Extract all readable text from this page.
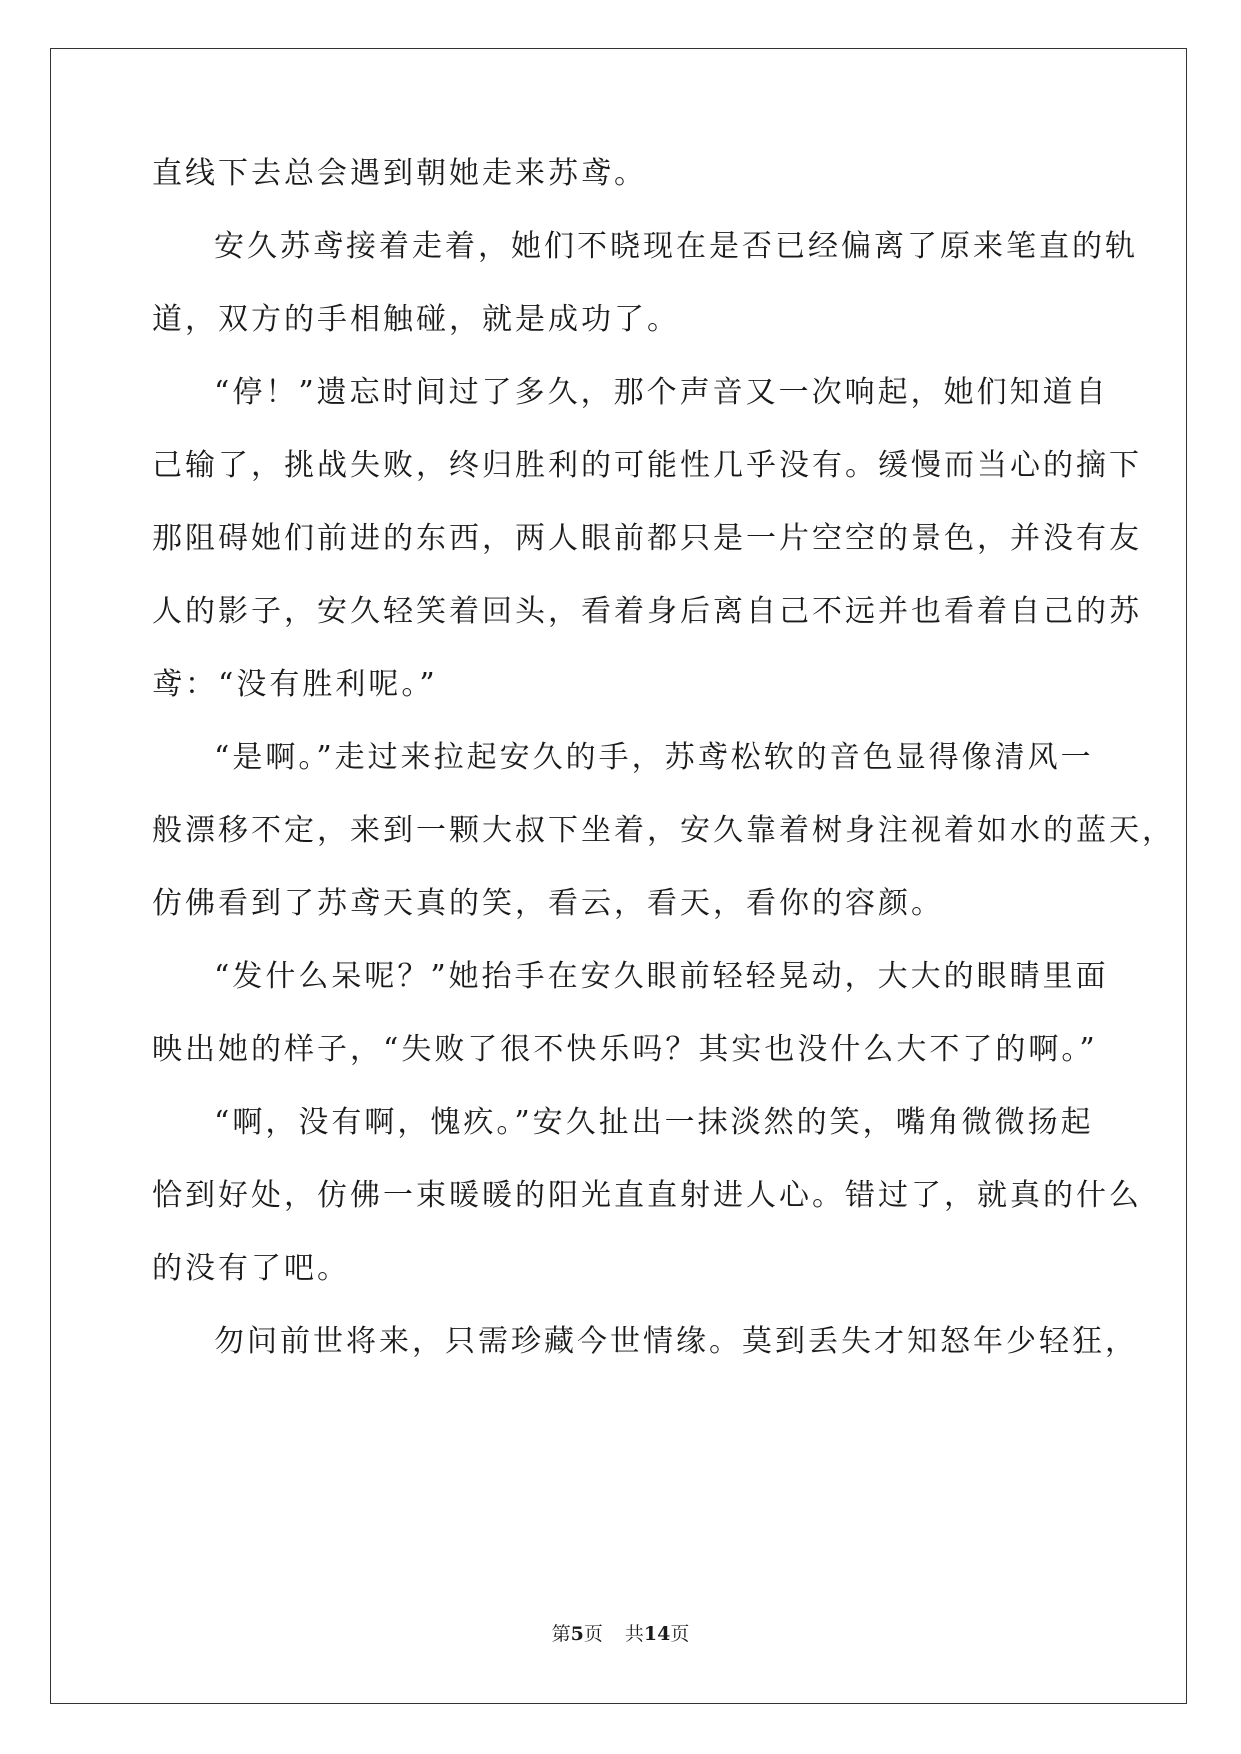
直线下去总会遇到朝她走来苏鸢。
安久苏鸢接着走着，她们不晓现在是否已经偏离了原来笔直的轨
道，双方的手相触碰，就是成功了。
“停！”遗忘时间过了多久，那个声音又一次响起，她们知道自
己输了，挑战失败，终归胜利的可能性几乎没有。缓慢而当心的摘下
那阻碍她们前进的东西，两人眼前都只是一片空空的景色，并没有友
人的影子，安久轻笑着回头，看着身后离自己不远并也看着自己的苏
鸢：“没有胜利呢。”
“是啊。”走过来拉起安久的手，苏鸢松软的音色显得像清风一
般漂移不定，来到一颗大叔下坐着，安久靠着树身注视着如水的蓝天，
仿佛看到了苏鸢天真的笑，看云，看天，看你的容颜。
“发什么呆呢？”她抬手在安久眼前轻轻晃动，大大的眼睛里面
映出她的样子，“失败了很不快乐吗？其实也没什么大不了的啊。”
“啊，没有啊，愧疚。”安久扯出一抹淡然的笑，嘴角微微扬起
恰到好处，仿佛一束暖暖的阳光直直射进人心。错过了，就真的什么
的没有了吧。
勿问前世将来，只需珍藏今世情缘。莫到丢失才知怒年少轻狂，
第5页 共14页
